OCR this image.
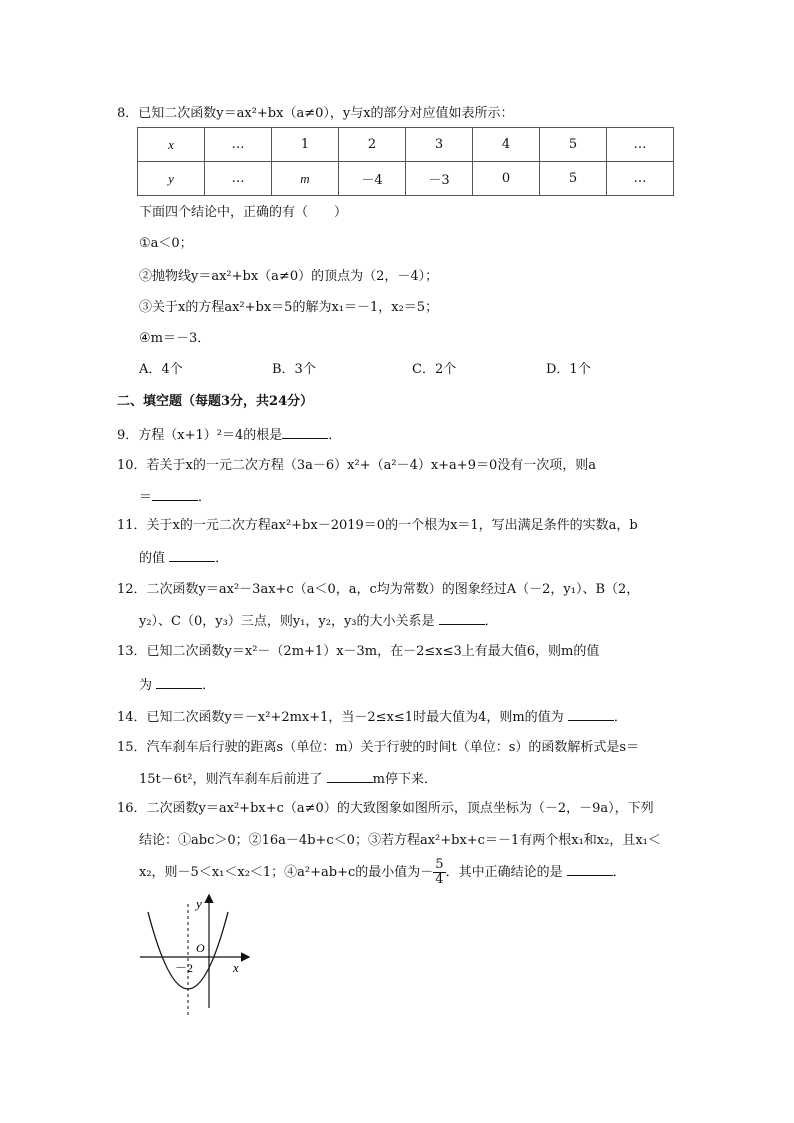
8．已知二次函数y＝ax²+bx（a≠0），y与x的部分对应值如表所示：
x	…	1	2	3	4	5	…
y	…	m	－4	－3	0	5	…
下面四个结论中，正确的有（　　）
①a＜0；
②抛物线y＝ax²+bx（a≠0）的顶点为（2，－4）；
③关于x的方程ax²+bx＝5的解为x₁＝－1，x₂＝5；
④m＝－3．
A．4个	B．3个	C．2个	D．1个
二、填空题（每题3分，共24分）
9．方程（x+1）²＝4的根是	．
10．若关于x的一元二次方程（3a－6）x²+（a²－4）x+a+9＝0没有一次项，则a
＝	．
11．关于x的一元二次方程ax²+bx－2019＝0的一个根为x＝1，写出满足条件的实数a，b
的值	．
12．二次函数y＝ax²－3ax+c（a＜0，a，c均为常数）的图象经过A（－2，y₁）、B（2，
y₂）、C（0，y₃）三点，则y₁，y₂，y₃的大小关系是	．
13．已知二次函数y＝x²－（2m+1）x－3m，在－2≤x≤3上有最大值6，则m的值
为	．
14．已知二次函数y＝－x²+2mx+1，当－2≤x≤1时最大值为4，则m的值为	．
15．汽车刹车后行驶的距离s（单位：m）关于行驶的时间t（单位：s）的函数解析式是s＝
15t－6t²，则汽车刹车后前进了	m停下来．
16．二次函数y＝ax²+bx+c（a≠0）的大致图象如图所示，顶点坐标为（－2，－9a），下列
结论：①abc＞0；②16a－4b+c＜0；③若方程ax²+bx+c＝－1有两个根x₁和x₂，且x₁＜
x₂，则－5＜x₁＜x₂＜1；④a²+ab+c的最小值为－ $\frac{5}{4}$ ．其中正确结论的是	．
y
x
O
－2
